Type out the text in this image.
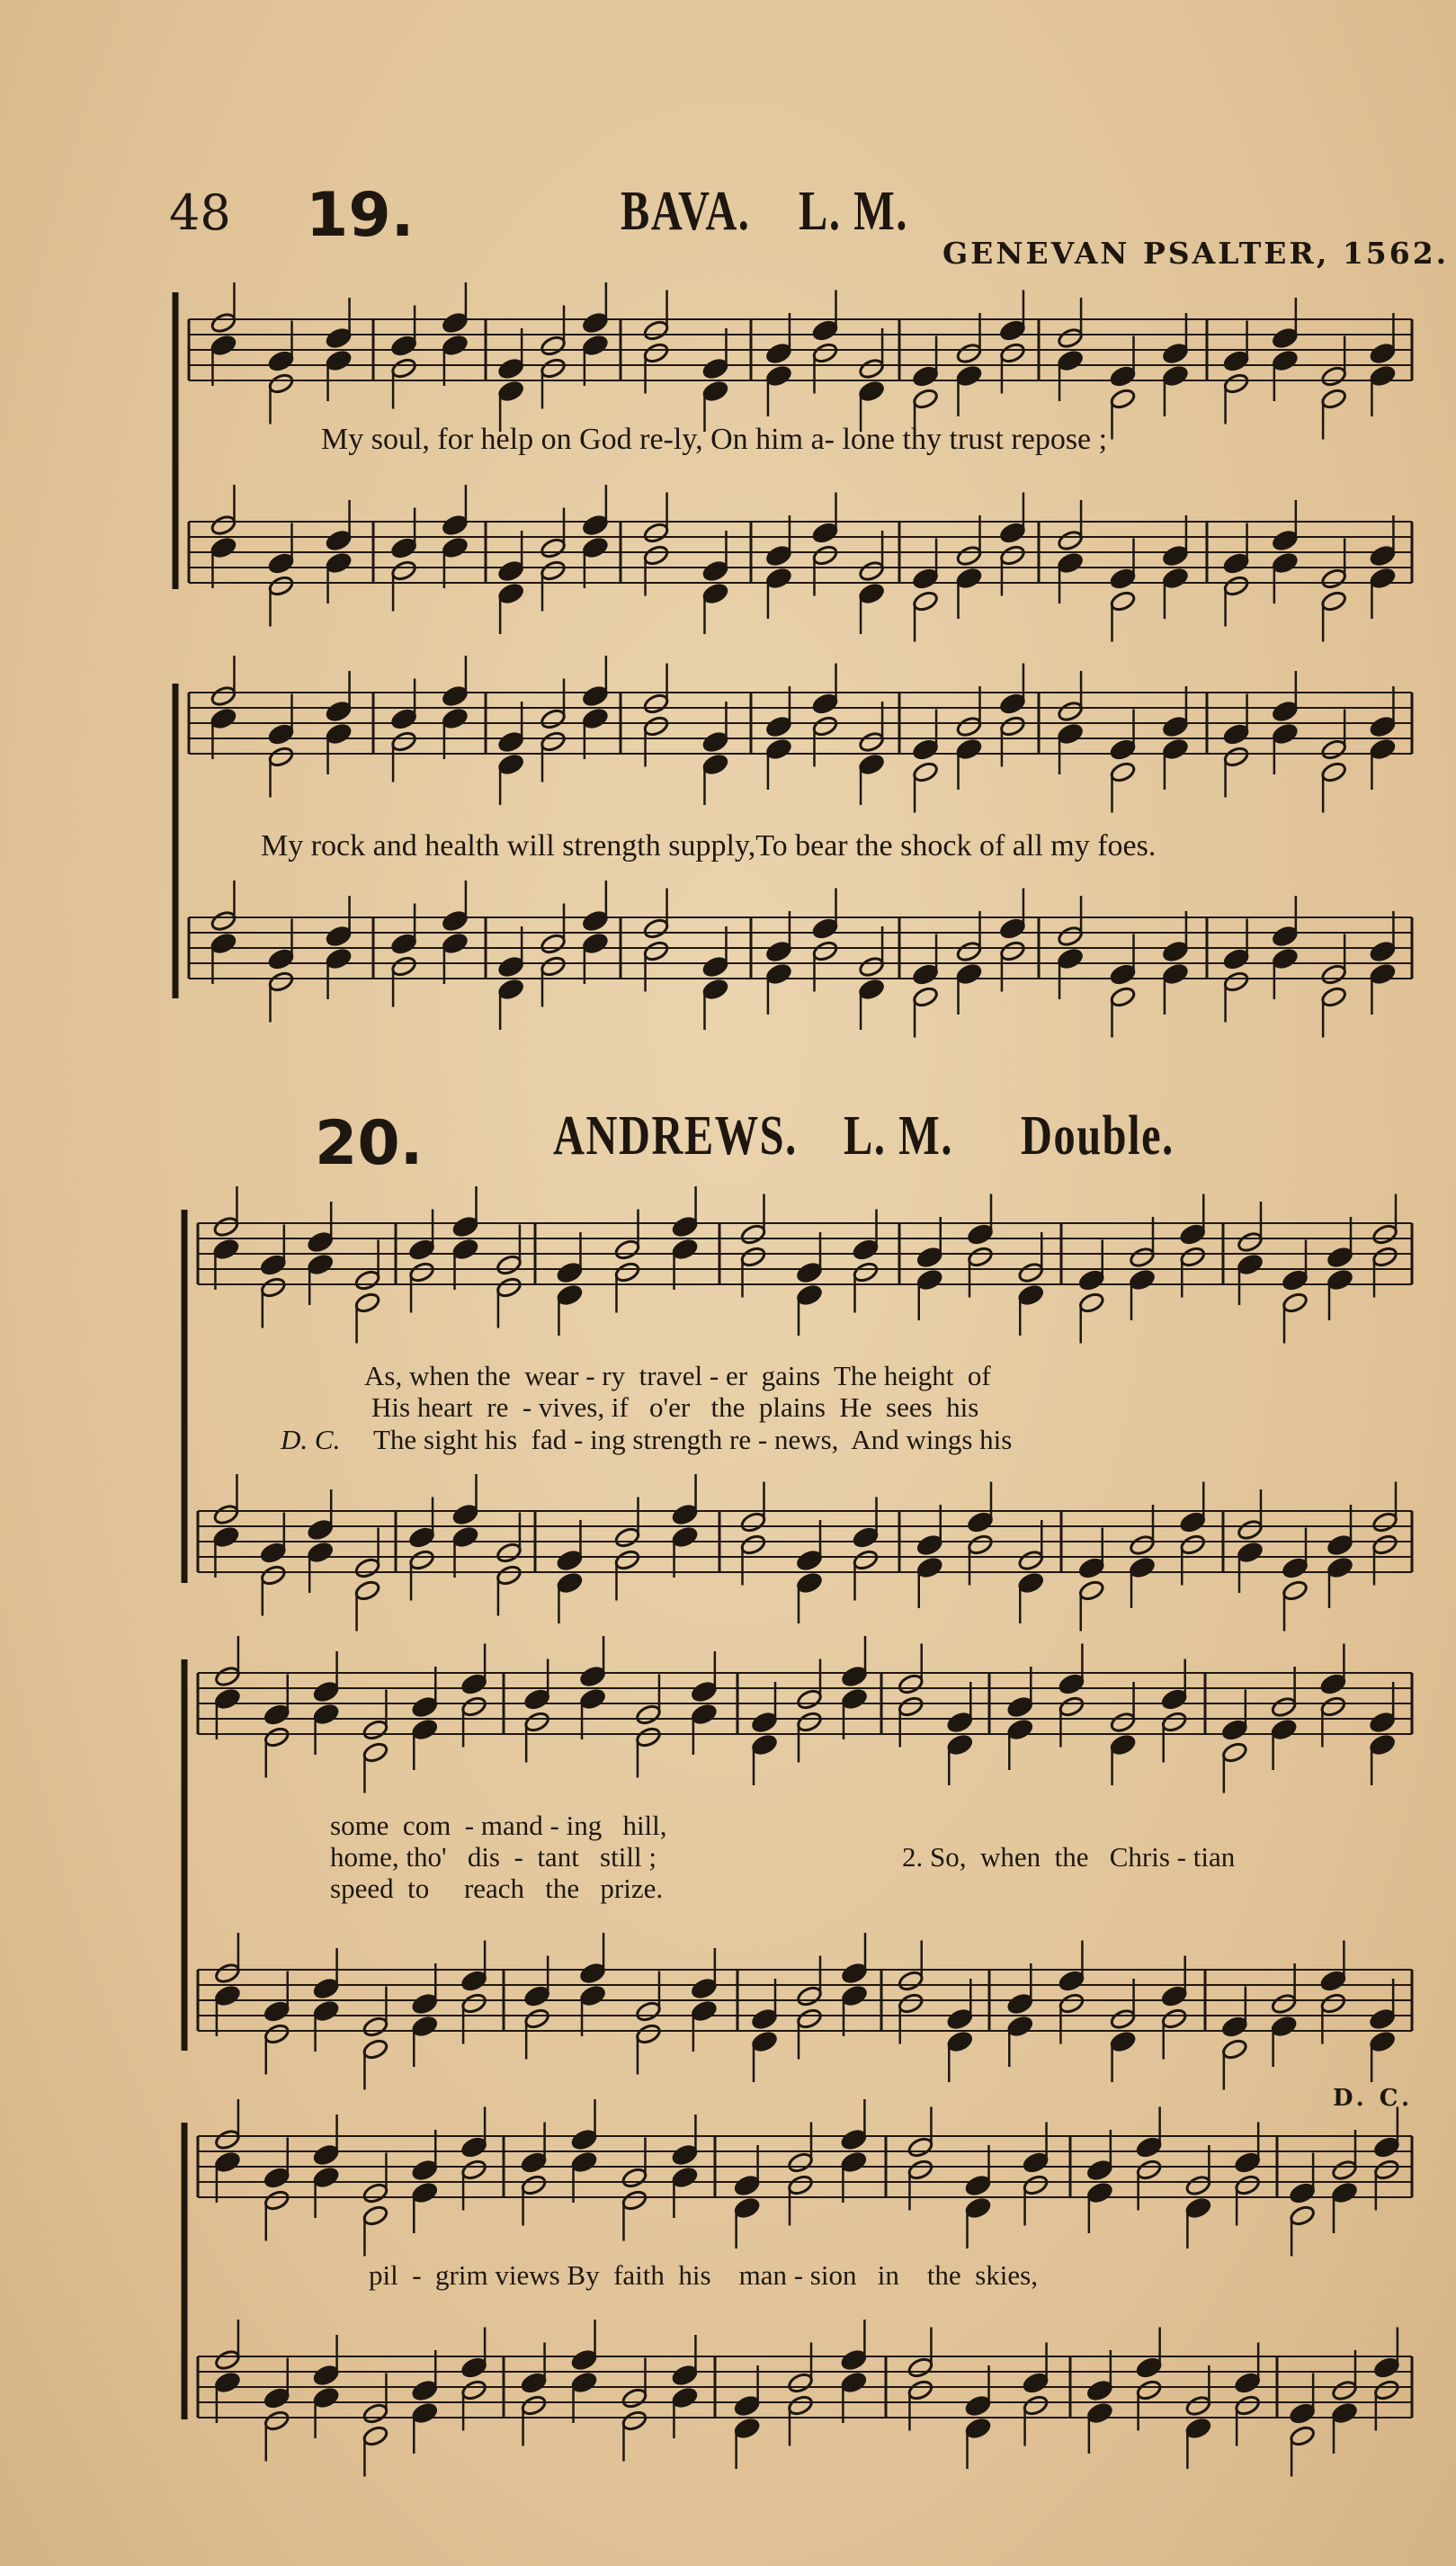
48 19.	BAVA. L. M.
GENEVAN PSALTER, 1562.
My soul, for help on God re-ly, On him a- lone thy trust repose ;
My rock and health will strength supply,To bear the shock of all my foes.
20. ANDREWS. L. M. Double.
As, when the  wear - ry  travel - er  gains  The height  of
His heart  re  - vives, if   o'er   the  plains  He  sees  his
D. C. The sight his  fad - ing strength re - news,  And wings his
some  com  - mand - ing   hill,
home, tho'   dis  -  tant   still ;
speed  to     reach   the   prize.
2. So,  when  the   Chris - tian
D. C.
pil  -  grim views By  faith  his    man - sion   in    the  skies,
